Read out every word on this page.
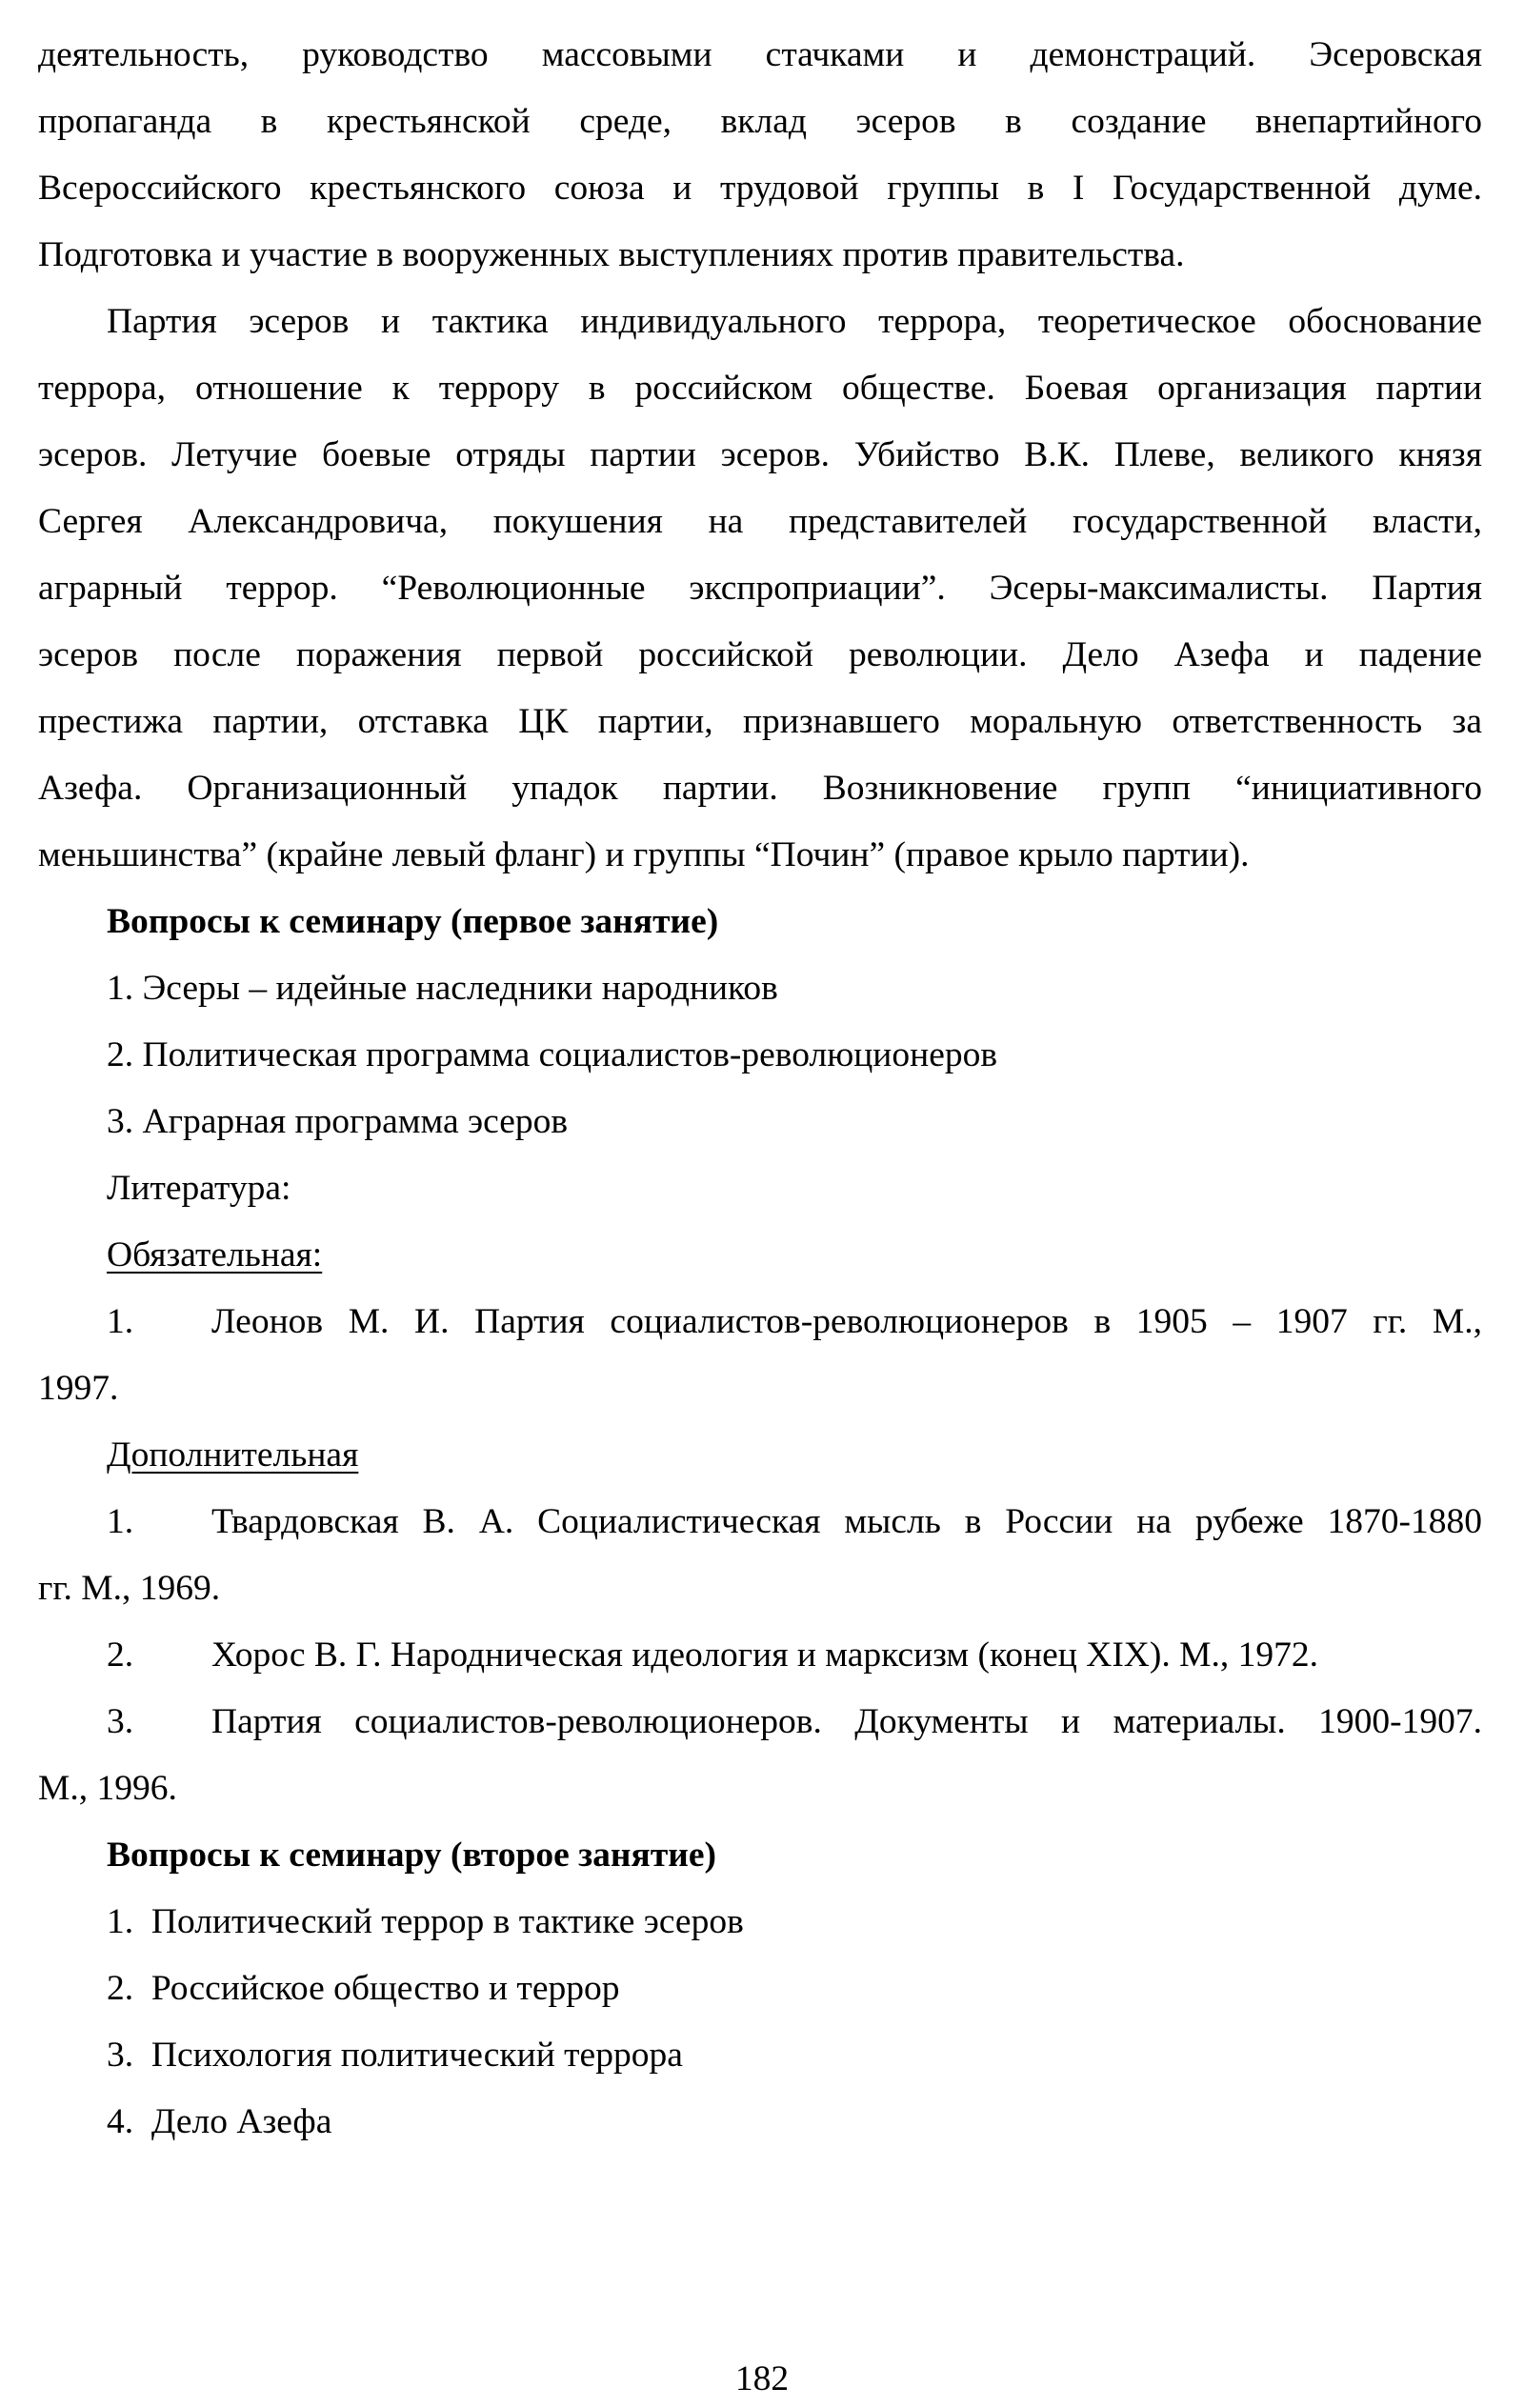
деятельность, руководство массовыми стачками и демонстраций. Эсеровская
пропаганда в крестьянской среде, вклад эсеров в создание внепартийного
Всероссийского крестьянского союза и трудовой группы в I Государственной думе.
Подготовка и участие в вооруженных выступлениях против правительства.
Партия эсеров и тактика индивидуального террора, теоретическое обоснование
террора, отношение к террору в российском обществе. Боевая организация партии
эсеров. Летучие боевые отряды партии эсеров. Убийство В.К. Плеве, великого князя
Сергея Александровича, покушения на представителей государственной власти,
аграрный террор. “Революционные экспроприации”. Эсеры-максималисты. Партия
эсеров после поражения первой российской революции. Дело Азефа и падение
престижа партии, отставка ЦК партии, признавшего моральную ответственность за
Азефа. Организационный упадок партии. Возникновение групп “инициативного
меньшинства” (крайне левый фланг) и группы “Почин” (правое крыло партии).
Вопросы к семинару (первое занятие)
1. Эсеры – идейные наследники народников
2. Политическая программа социалистов-революционеров
3. Аграрная программа эсеров
Литература:
Обязательная:
1.	Леонов М. И. Партия социалистов-революционеров в 1905 – 1907 гг. М.,
1997.
Дополнительная
1.	Твардовская В. А. Социалистическая мысль в России на рубеже 1870-1880
гг. М., 1969.
2.	Хорос В. Г. Народническая идеология и марксизм (конец XIX). М., 1972.
3.	Партия социалистов-революционеров. Документы и материалы. 1900-1907.
М., 1996.
Вопросы к семинару (второе занятие)
1.  Политический террор в тактике эсеров
2.  Российское общество и террор
3.  Психология политический террора
4.  Дело Азефа
182
